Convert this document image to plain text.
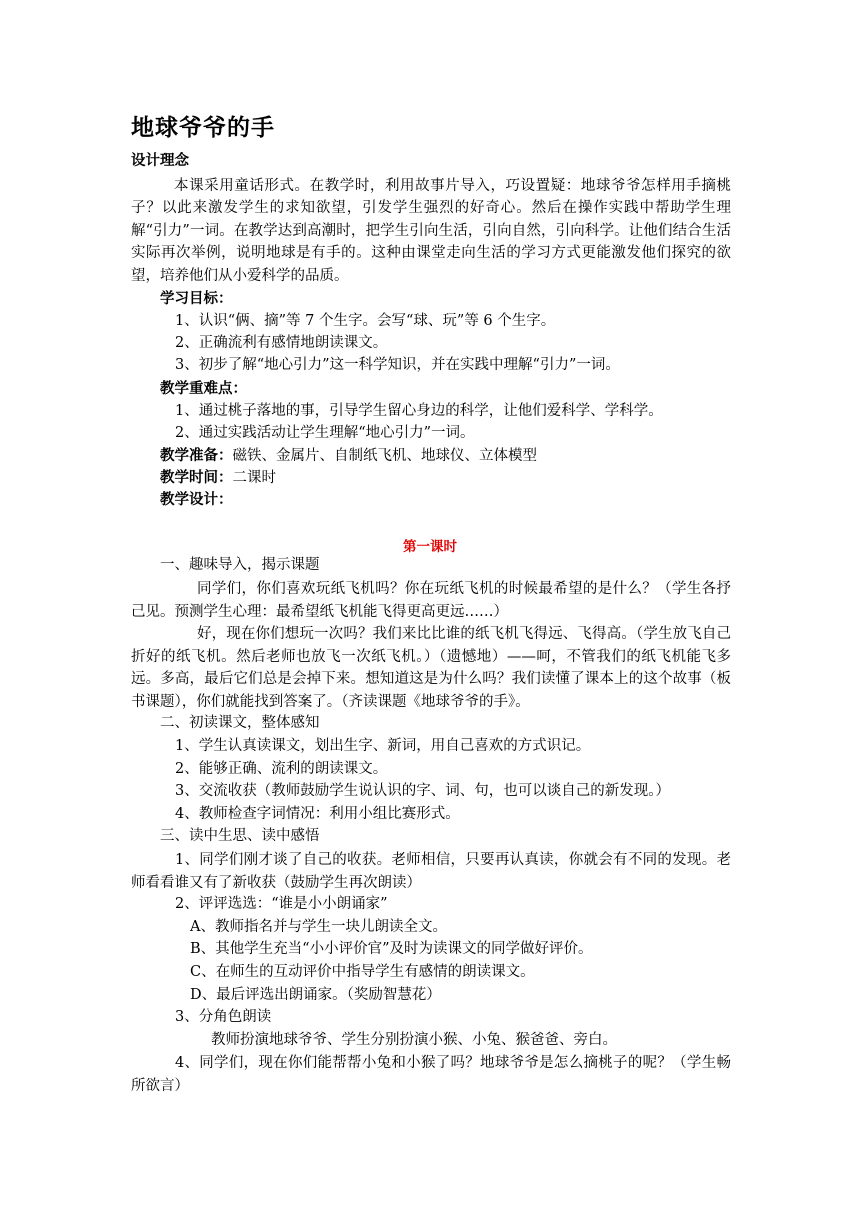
地球爷爷的手
设计理念
本课采用童话形式。在教学时，利用故事片导入，巧设置疑：地球爷爷怎样用手摘桃子？以此来激发学生的求知欲望，引发学生强烈的好奇心。然后在操作实践中帮助学生理解“引力”一词。在教学达到高潮时，把学生引向生活，引向自然，引向科学。让他们结合生活实际再次举例，说明地球是有手的。这种由课堂走向生活的学习方式更能激发他们探究的欲望，培养他们从小爱科学的品质。
学习目标：
1、认识“俩、摘”等 7 个生字。会写“球、玩”等 6 个生字。
2、正确流利有感情地朗读课文。
3、初步了解“地心引力”这一科学知识，并在实践中理解“引力”一词。
教学重难点：
1、通过桃子落地的事，引导学生留心身边的科学，让他们爱科学、学科学。
2、通过实践活动让学生理解“地心引力”一词。
教学准备：磁铁、金属片、自制纸飞机、地球仪、立体模型
教学时间：二课时
教学设计：
第一课时
一、趣味导入，揭示课题
同学们，你们喜欢玩纸飞机吗？你在玩纸飞机的时候最希望的是什么？（学生各抒己见。预测学生心理：最希望纸飞机能飞得更高更远……）
好，现在你们想玩一次吗？我们来比比谁的纸飞机飞得远、飞得高。（学生放飞自己折好的纸飞机。然后老师也放飞一次纸飞机。）（遗憾地）——呵，不管我们的纸飞机能飞多远。多高，最后它们总是会掉下来。想知道这是为什么吗？我们读懂了课本上的这个故事（板书课题），你们就能找到答案了。（齐读课题《地球爷爷的手》。
二、初读课文，整体感知
1、学生认真读课文，划出生字、新词，用自己喜欢的方式识记。
2、能够正确、流利的朗读课文。
3、交流收获（教师鼓励学生说认识的字、词、句，也可以谈自己的新发现。）
4、教师检查字词情况：利用小组比赛形式。
三、读中生思、读中感悟
1、同学们刚才谈了自己的收获。老师相信，只要再认真读，你就会有不同的发现。老师看看谁又有了新收获（鼓励学生再次朗读）
2、评评选选：“谁是小小朗诵家”
A、教师指名并与学生一块儿朗读全文。
B、其他学生充当“小小评价官”及时为读课文的同学做好评价。
C、在师生的互动评价中指导学生有感情的朗读课文。
D、最后评选出朗诵家。（奖励智慧花）
3、分角色朗读
教师扮演地球爷爷、学生分别扮演小猴、小兔、猴爸爸、旁白。
4、同学们，现在你们能帮帮小兔和小猴了吗？地球爷爷是怎么摘桃子的呢？（学生畅所欲言）
